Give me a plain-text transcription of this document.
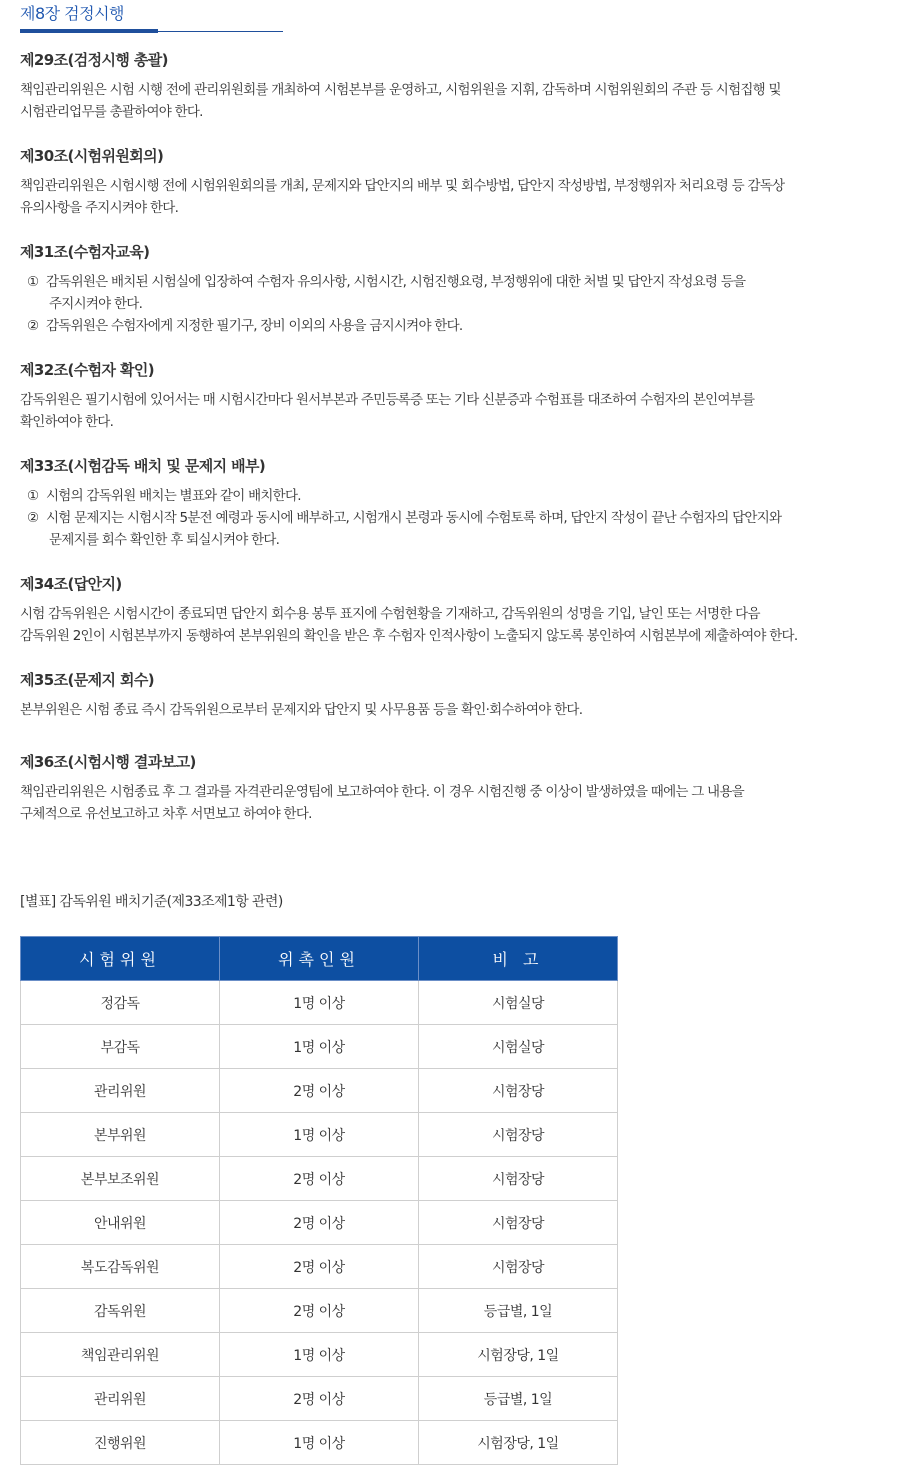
제8장 검정시행
제29조(검정시행 총괄)
책임관리위원은 시험 시행 전에 관리위원회를 개최하여 시험본부를 운영하고, 시험위원을 지휘, 감독하며 시험위원회의 주관 등 시험집행 및
시험관리업무를 총괄하여야 한다.
제30조(시험위원회의)
책임관리위원은 시험시행 전에 시험위원회의를 개최, 문제지와 답안지의 배부 및 회수방법, 답안지 작성방법, 부정행위자 처리요령 등 감독상
유의사항을 주지시켜야 한다.
제31조(수험자교육)
① 감독위원은 배치된 시험실에 입장하여 수험자 유의사항, 시험시간, 시험진행요령, 부정행위에 대한 처벌 및 답안지 작성요령 등을
주지시켜야 한다.
② 감독위원은 수험자에게 지정한 필기구, 장비 이외의 사용을 금지시켜야 한다.
제32조(수험자 확인)
감독위원은 필기시험에 있어서는 매 시험시간마다 원서부본과 주민등록증 또는 기타 신분증과 수험표를 대조하여 수험자의 본인여부를
확인하여야 한다.
제33조(시험감독 배치 및 문제지 배부)
① 시험의 감독위원 배치는 별표와 같이 배치한다.
② 시험 문제지는 시험시작 5분전 예령과 동시에 배부하고, 시험개시 본령과 동시에 수험토록 하며, 답안지 작성이 끝난 수험자의 답안지와
문제지를 회수 확인한 후 퇴실시켜야 한다.
제34조(답안지)
시험 감독위원은 시험시간이 종료되면 답안지 회수용 봉투 표지에 수험현황을 기재하고, 감독위원의 성명을 기입, 날인 또는 서명한 다음
감독위원 2인이 시험본부까지 동행하여 본부위원의 확인을 받은 후 수험자 인적사항이 노출되지 않도록 봉인하여 시험본부에 제출하여야 한다.
제35조(문제지 회수)
본부위원은 시험 종료 즉시 감독위원으로부터 문제지와 답안지 및 사무용품 등을 확인·회수하여야 한다.
제36조(시험시행 결과보고)
책임관리위원은 시험종료 후 그 결과를 자격관리운영팀에 보고하여야 한다. 이 경우 시험진행 중 이상이 발생하였을 때에는 그 내용을
구체적으로 유선보고하고 차후 서면보고 하여야 한다.
[별표] 감독위원 배치기준(제33조제1항 관련)
시험위원	위촉인원	비 고
정감독	1명 이상	시험실당
부감독	1명 이상	시험실당
관리위원	2명 이상	시험장당
본부위원	1명 이상	시험장당
본부보조위원	2명 이상	시험장당
안내위원	2명 이상	시험장당
복도감독위원	2명 이상	시험장당
감독위원	2명 이상	등급별, 1일
책임관리위원	1명 이상	시험장당, 1일
관리위원	2명 이상	등급별, 1일
진행위원	1명 이상	시험장당, 1일
